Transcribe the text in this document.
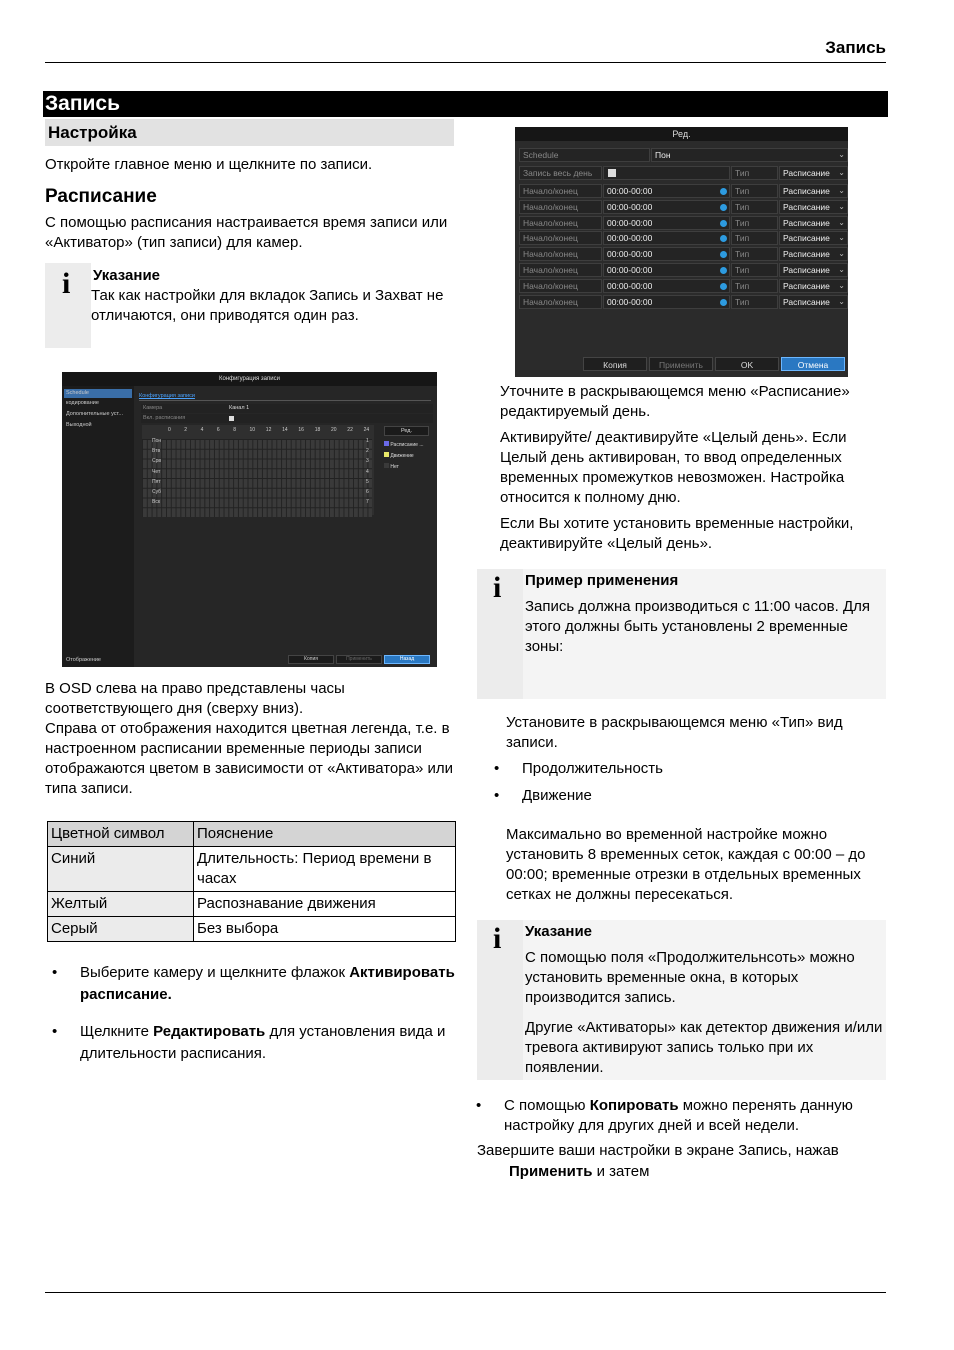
Запись
Запись
Настройка
Откройте главное меню и щелкните по записи.
Расписание
С помощью расписания настраивается время записи или «Активатор» (тип записи) для камер.
i Указание
Так как настройки для вкладок Запись и Захват не отличаются, они приводятся один раз.
Конфигурация записи
Schedule
кодирование
Дополнительные уст...
Выходной
Отображение
Конфигурация записи
Камера	Канал 1
Вкл. расписания
0	2	4	6	8	10 12 14 16 18 20 22 24
Пон	1
Втв	2
Срв	3
Чет	4
Пят	5
Суб	6
Вск	7
Ред.
Расписание ...
Движение
Нет
Копия	Применить	Назад
В OSD слева на право представлены часы соответствующего дня (сверху вниз).
Справа от отображения находится цветная легенда, т.е. в настроенном расписании временные периоды записи отображаются цветом в зависимости от «Активатора» или типа записи.
Цветной символ	Пояснение
Синий	Длительность: Период времени в часах
Желтый	Распознавание движения
Серый	Без выбора
• Выберите камеру и щелкните флажок Активировать расписание.
• Щелкните Редактировать для установления вида и длительности расписания.
Ред.
Schedule	Пон	⌄
Запись весь день	Тип	Расписание ⌄
Начало/конец	00:00-00:00	Тип	Расписание ⌄
Начало/конец	00:00-00:00	Тип	Расписание ⌄
Начало/конец	00:00-00:00	Тип	Расписание ⌄
Начало/конец	00:00-00:00	Тип	Расписание ⌄
Начало/конец	00:00-00:00	Тип	Расписание ⌄
Начало/конец	00:00-00:00	Тип	Расписание ⌄
Начало/конец	00:00-00:00	Тип	Расписание ⌄
Начало/конец	00:00-00:00	Тип	Расписание ⌄
Копия	Применить	OK	Отмена
Уточните в раскрывающемся меню «Расписание» редактируемый день.
Активируйте/ деактивируйте «Целый день». Если Целый день активирован, то ввод определенных временных промежутков невозможен. Настройка относится к полному дню.
Если Вы хотите установить временные настройки, деактивируйте «Целый день».
i Пример применения
Запись должна производиться с 11:00 часов. Для этого должны быть установлены 2 временные зоны:
Установите в раскрывающемся меню «Тип» вид записи.
• Продолжительность
• Движение
Максимально во временной настройке можно установить 8 временных сеток, каждая с 00:00 – до 00:00; временные отрезки в отдельных временных сетках не должны пересекаться.
i Указание
С помощью поля «Продолжительнсоть» можно установить временные окна, в которых производится запись.
Другие «Активаторы» как детектор движения и/или тревога активируют запись только при их появлении.
• С помощью Копировать можно перенять данную настройку для других дней и всей недели.
Завершите ваши настройки в экране Запись, нажав
Применить и затем
